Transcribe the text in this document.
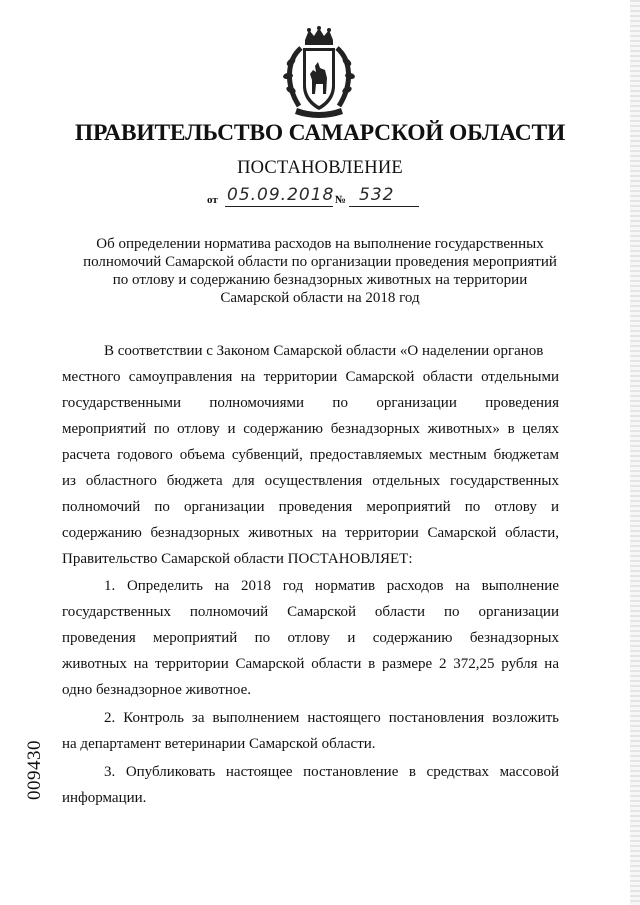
ПРАВИТЕЛЬСТВО САМАРСКОЙ ОБЛАСТИ
ПОСТАНОВЛЕНИЕ
от 05.09.2018 № 532
Об определении норматива расходов на выполнение государственных
полномочий Самарской области по организации проведения мероприятий
по отлову и содержанию безнадзорных животных на территории
Самарской области на 2018 год
В соответствии с Законом Самарской области «О наделении органов
местного самоуправления на территории Самарской области отдельными
государственными полномочиями по организации проведения
мероприятий по отлову и содержанию безнадзорных животных» в целях
расчета годового объема субвенций, предоставляемых местным бюджетам
из областного бюджета для осуществления отдельных государственных
полномочий по организации проведения мероприятий по отлову и
содержанию безнадзорных животных на территории Самарской области,
Правительство Самарской области ПОСТАНОВЛЯЕТ:
1. Определить на 2018 год норматив расходов на выполнение
государственных полномочий Самарской области по организации
проведения мероприятий по отлову и содержанию безнадзорных
животных на территории Самарской области в размере 2 372,25 рубля на
одно безнадзорное животное.
2. Контроль за выполнением настоящего постановления возложить
на департамент ветеринарии Самарской области.
3. Опубликовать настоящее постановление в средствах массовой
информации.
009430
